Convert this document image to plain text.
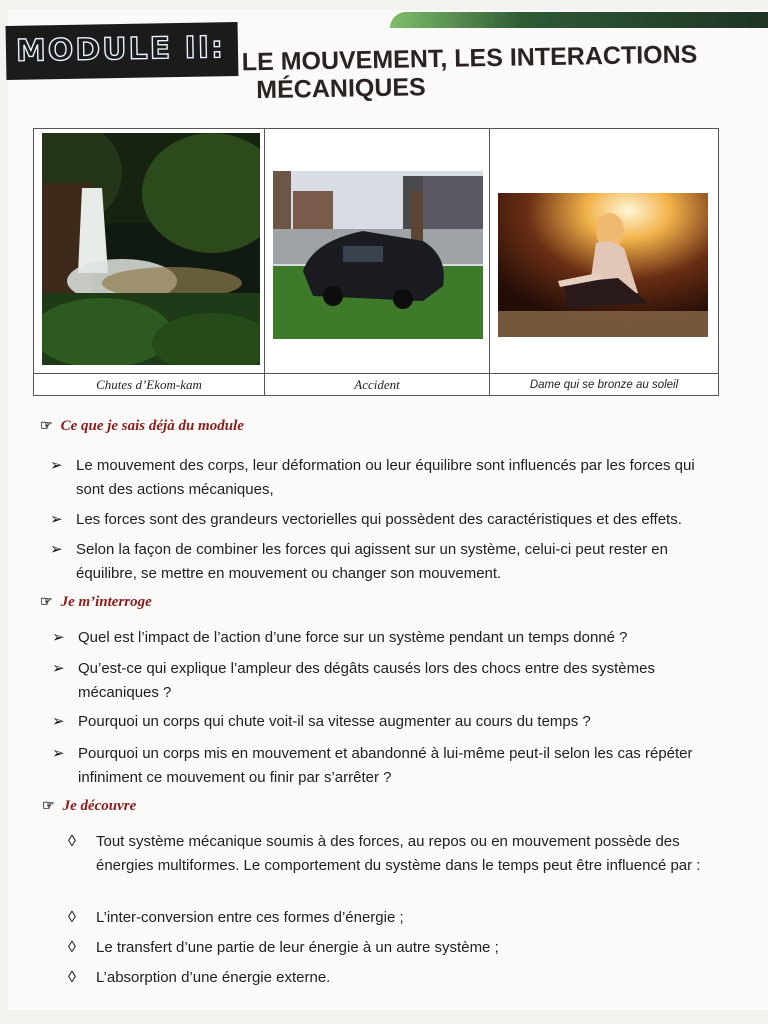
MODULE II: LE MOUVEMENT, LES INTERACTIONS
MÉCANIQUES
Chutes d’Ekom-kam	Accident	Dame qui se bronze au soleil
☞ Ce que je sais déjà du module
➢ Le mouvement des corps, leur déformation ou leur équilibre sont influencés par les forces qui sont des actions mécaniques,
➢ Les forces sont des grandeurs vectorielles qui possèdent des caractéristiques et des effets.
➢ Selon la façon de combiner les forces qui agissent sur un système, celui-ci peut rester en équilibre, se mettre en mouvement ou changer son mouvement.
☞ Je m’interroge
➢ Quel est l’impact de l’action d’une force sur un système pendant un temps donné ?
➢ Qu’est-ce qui explique l’ampleur des dégâts causés lors des chocs entre des systèmes mécaniques ?
➢ Pourquoi un corps qui chute voit-il sa vitesse augmenter au cours du temps ?
➢ Pourquoi un corps mis en mouvement et abandonné à lui-même peut-il selon les cas répéter infiniment ce mouvement ou finir par s’arrêter ?
☞ Je découvre
◊ Tout système mécanique soumis à des forces, au repos ou en mouvement possède des énergies multiformes. Le comportement du système dans le temps peut être influencé par :
◊ L’inter-conversion entre ces formes d’énergie ;
◊ Le transfert d’une partie de leur énergie à un autre système ;
◊ L’absorption d’une énergie externe.
